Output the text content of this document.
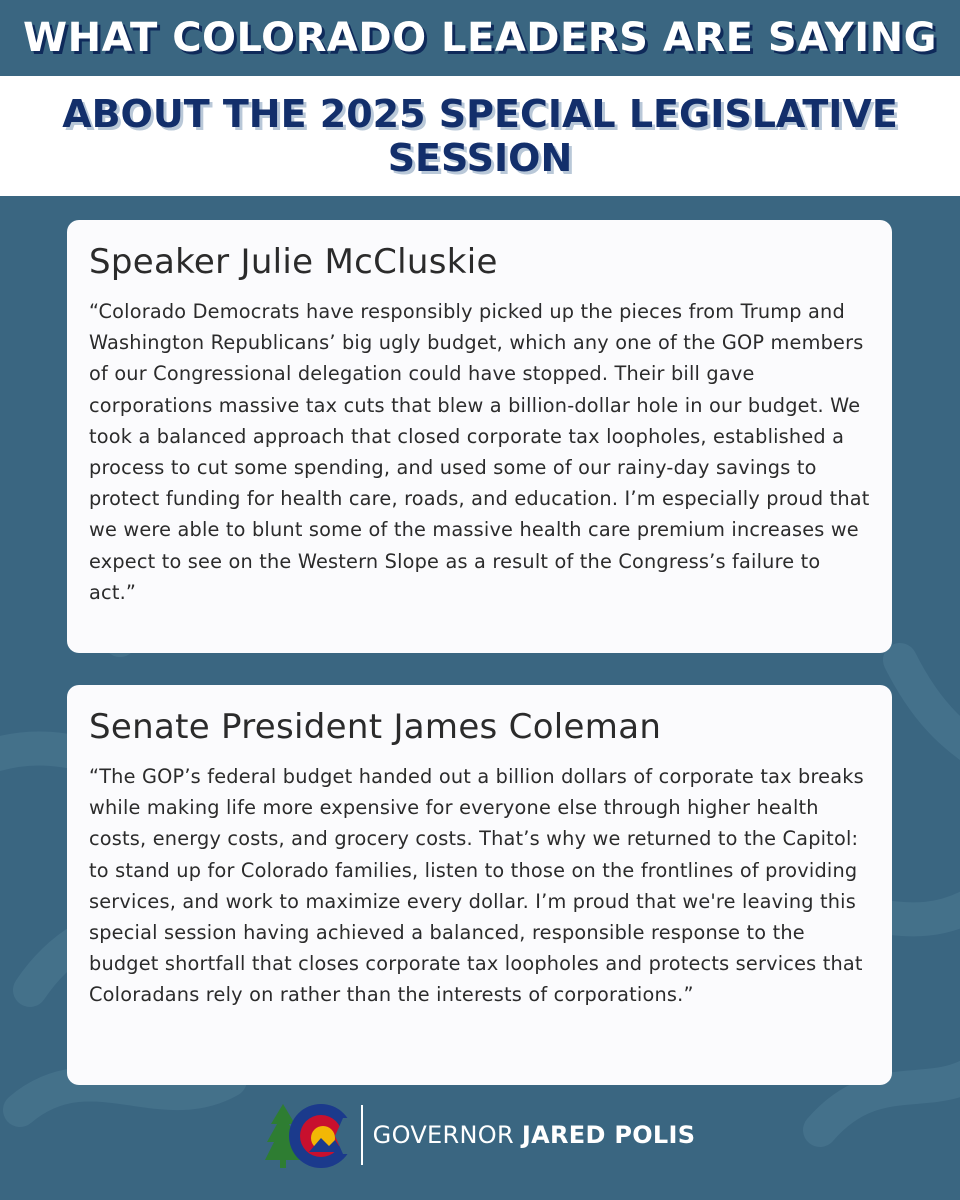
WHAT COLORADO LEADERS ARE SAYING
ABOUT THE 2025 SPECIAL LEGISLATIVE SESSION
Speaker Julie McCluskie

“Colorado Democrats have responsibly picked up the pieces from Trump and Washington Republicans’ big ugly budget, which any one of the GOP members of our Congressional delegation could have stopped. Their bill gave corporations massive tax cuts that blew a billion-dollar hole in our budget. We took a balanced approach that closed corporate tax loopholes, established a process to cut some spending, and used some of our rainy-day savings to protect funding for health care, roads, and education. I’m especially proud that we were able to blunt some of the massive health care premium increases we expect to see on the Western Slope as a result of the Congress’s failure to act.”

Senate President James Coleman

“The GOP’s federal budget handed out a billion dollars of corporate tax breaks while making life more expensive for everyone else through higher health costs, energy costs, and grocery costs. That’s why we returned to the Capitol: to stand up for Colorado families, listen to those on the frontlines of providing services, and work to maximize every dollar. I’m proud that we're leaving this special session having achieved a balanced, responsible response to the budget shortfall that closes corporate tax loopholes and protects services that Coloradans rely on rather than the interests of corporations.”

GOVERNOR JARED POLIS
